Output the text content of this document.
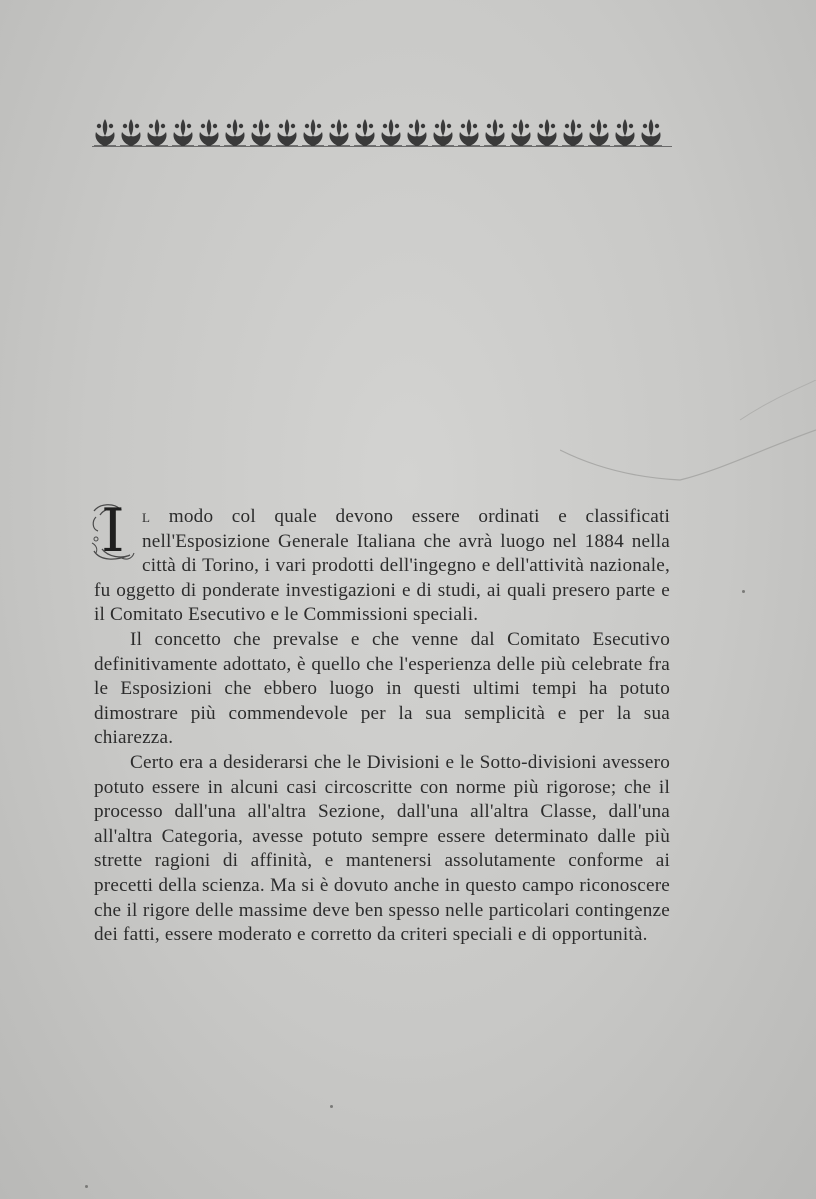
I l modo col quale devono essere ordinati e classificati nell'Esposizione Generale Italiana che avrà luogo nel 1884 nella città di Torino, i vari prodotti dell'ingegno e dell'attività nazionale, fu oggetto di ponderate investigazioni e di studi, ai quali presero parte e il Comitato Esecutivo e le Commissioni speciali.

Il concetto che prevalse e che venne dal Comitato Esecutivo definitivamente adottato, è quello che l'esperienza delle più celebrate fra le Esposizioni che ebbero luogo in questi ultimi tempi ha potuto dimostrare più commendevole per la sua semplicità e per la sua chiarezza.

Certo era a desiderarsi che le Divisioni e le Sotto-divisioni avessero potuto essere in alcuni casi circoscritte con norme più rigorose; che il processo dall'una all'altra Sezione, dall'una all'altra Classe, dall'una all'altra Categoria, avesse potuto sempre essere determinato dalle più strette ragioni di affinità, e mantenersi assolutamente conforme ai precetti della scienza. Ma si è dovuto anche in questo campo riconoscere che il rigore delle massime deve ben spesso nelle particolari contingenze dei fatti, essere moderato e corretto da criteri speciali e di opportunità.
